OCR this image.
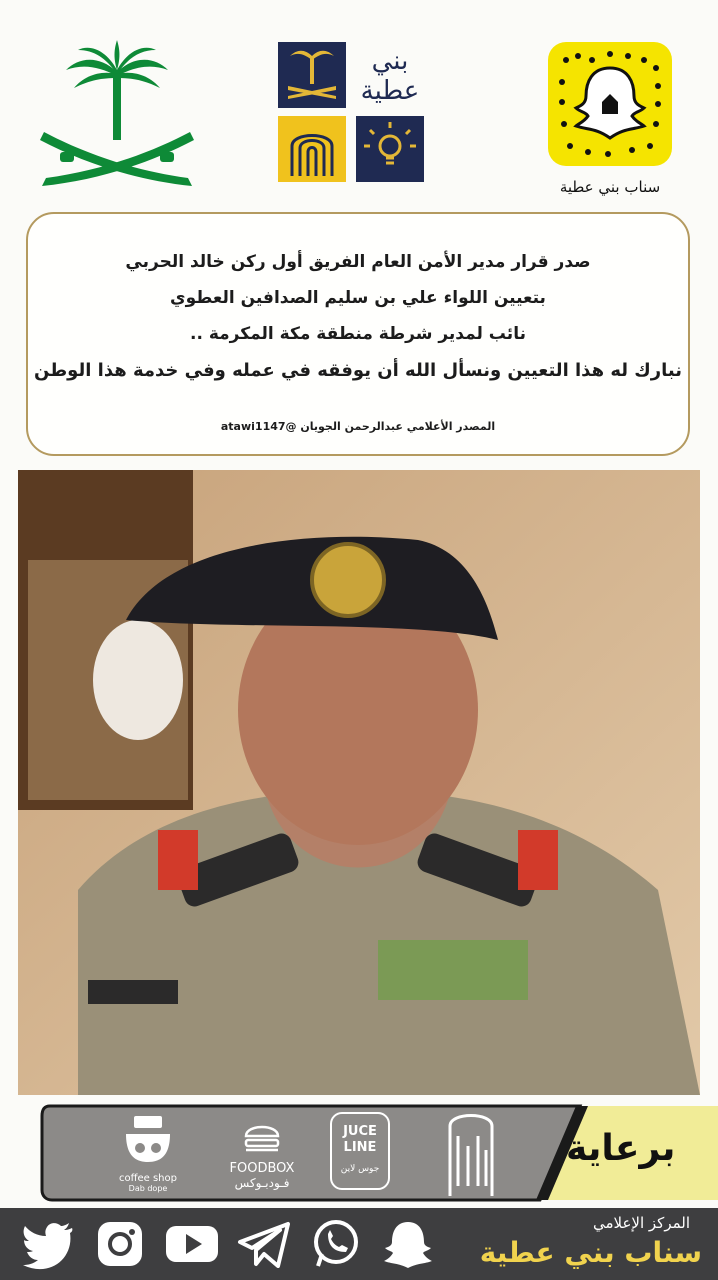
بني عطية
سناب بني عطية
صدر قرار مدير الأمن العام الفريق أول ركن خالد الحربي
بتعيين اللواء علي بن سليم الصدافين العطوي
نائب لمدير شرطة منطقة مكة المكرمة ..
نبارك له هذا التعيين ونسأل الله أن يوفقه في عمله وفي خدمة هذا الوطن
المصدر الأعلامي عبدالرحمن الجويان @atawi1147
برعاية
coffee shop
Dab dope
FOODBOX
فـودبـوكس
JUCE LINE
جوس لاين
المركز الإعلامي
سناب بني عطية
